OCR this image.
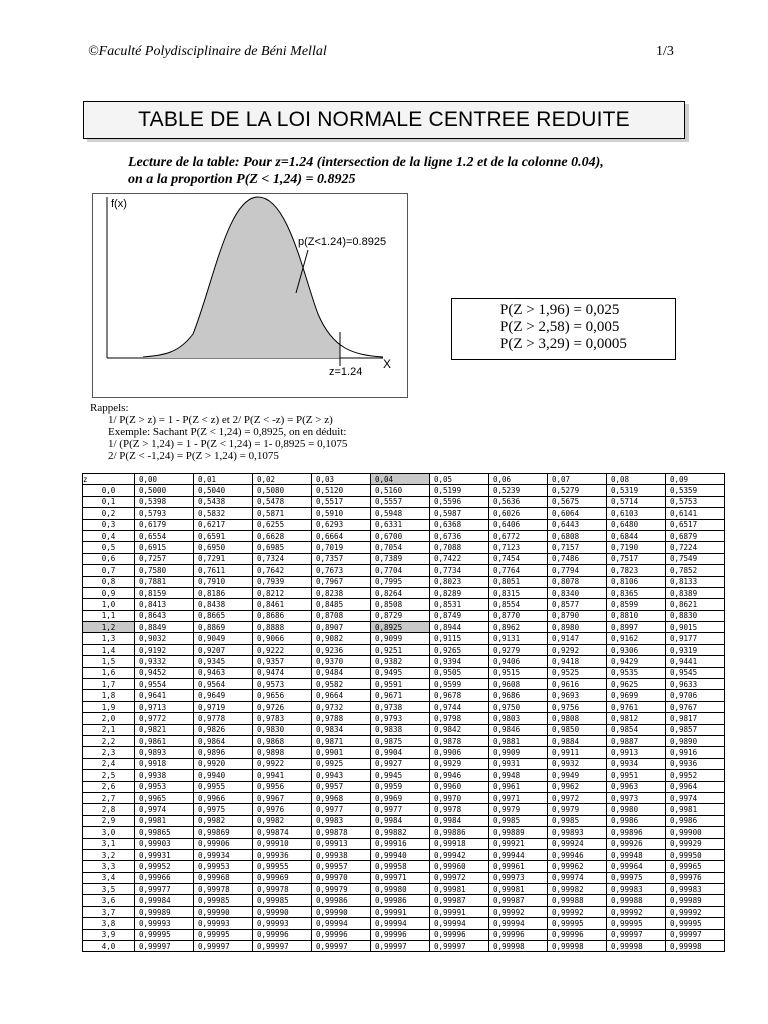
©Faculté Polydisciplinaire de Béni Mellal	1/3
TABLE DE LA LOI NORMALE CENTREE REDUITE
Lecture de la table: Pour z=1.24 (intersection de la ligne 1.2 et de la colonne 0.04),
on a la proportion P(Z < 1,24) = 0.8925
f(x)
X
p(Z<1.24)=0.8925
z=1.24
P(Z > 1,96) = 0,025
P(Z > 2,58) = 0,005
P(Z > 3,29) = 0,0005
Rappels:
1/ P(Z > z) = 1 - P(Z < z) et 2/ P(Z < -z) = P(Z > z)
Exemple: Sachant P(Z < 1,24) = 0,8925, on en déduit:
1/ (P(Z > 1,24) = 1 - P(Z < 1,24) = 1- 0,8925 = 0,1075
2/ P(Z < -1,24) = P(Z > 1,24) = 0,1075
z	0,00	0,01	0,02	0,03	0,04	0,05	0,06	0,07	0,08	0,09
0,0	0,5000	0,5040	0,5080	0,5120	0,5160	0,5199	0,5239	0,5279	0,5319	0,5359
0,1	0,5398	0,5438	0,5478	0,5517	0,5557	0,5596	0,5636	0,5675	0,5714	0,5753
0,2	0,5793	0,5832	0,5871	0,5910	0,5948	0,5987	0,6026	0,6064	0,6103	0,6141
0,3	0,6179	0,6217	0,6255	0,6293	0,6331	0,6368	0,6406	0,6443	0,6480	0,6517
0,4	0,6554	0,6591	0,6628	0,6664	0,6700	0,6736	0,6772	0,6808	0,6844	0,6879
0,5	0,6915	0,6950	0,6985	0,7019	0,7054	0,7088	0,7123	0,7157	0,7190	0,7224
0,6	0,7257	0,7291	0,7324	0,7357	0,7389	0,7422	0,7454	0,7486	0,7517	0,7549
0,7	0,7580	0,7611	0,7642	0,7673	0,7704	0,7734	0,7764	0,7794	0,7823	0,7852
0,8	0,7881	0,7910	0,7939	0,7967	0,7995	0,8023	0,8051	0,8078	0,8106	0,8133
0,9	0,8159	0,8186	0,8212	0,8238	0,8264	0,8289	0,8315	0,8340	0,8365	0,8389
1,0	0,8413	0,8438	0,8461	0,8485	0,8508	0,8531	0,8554	0,8577	0,8599	0,8621
1,1	0,8643	0,8665	0,8686	0,8708	0,8729	0,8749	0,8770	0,8790	0,8810	0,8830
1,2	0,8849	0,8869	0,8888	0,8907	0,8925	0,8944	0,8962	0,8980	0,8997	0,9015
1,3	0,9032	0,9049	0,9066	0,9082	0,9099	0,9115	0,9131	0,9147	0,9162	0,9177
1,4	0,9192	0,9207	0,9222	0,9236	0,9251	0,9265	0,9279	0,9292	0,9306	0,9319
1,5	0,9332	0,9345	0,9357	0,9370	0,9382	0,9394	0,9406	0,9418	0,9429	0,9441
1,6	0,9452	0,9463	0,9474	0,9484	0,9495	0,9505	0,9515	0,9525	0,9535	0,9545
1,7	0,9554	0,9564	0,9573	0,9582	0,9591	0,9599	0,9608	0,9616	0,9625	0,9633
1,8	0,9641	0,9649	0,9656	0,9664	0,9671	0,9678	0,9686	0,9693	0,9699	0,9706
1,9	0,9713	0,9719	0,9726	0,9732	0,9738	0,9744	0,9750	0,9756	0,9761	0,9767
2,0	0,9772	0,9778	0,9783	0,9788	0,9793	0,9798	0,9803	0,9808	0,9812	0,9817
2,1	0,9821	0,9826	0,9830	0,9834	0,9838	0,9842	0,9846	0,9850	0,9854	0,9857
2,2	0,9861	0,9864	0,9868	0,9871	0,9875	0,9878	0,9881	0,9884	0,9887	0,9890
2,3	0,9893	0,9896	0,9898	0,9901	0,9904	0,9906	0,9909	0,9911	0,9913	0,9916
2,4	0,9918	0,9920	0,9922	0,9925	0,9927	0,9929	0,9931	0,9932	0,9934	0,9936
2,5	0,9938	0,9940	0,9941	0,9943	0,9945	0,9946	0,9948	0,9949	0,9951	0,9952
2,6	0,9953	0,9955	0,9956	0,9957	0,9959	0,9960	0,9961	0,9962	0,9963	0,9964
2,7	0,9965	0,9966	0,9967	0,9968	0,9969	0,9970	0,9971	0,9972	0,9973	0,9974
2,8	0,9974	0,9975	0,9976	0,9977	0,9977	0,9978	0,9979	0,9979	0,9980	0,9981
2,9	0,9981	0,9982	0,9982	0,9983	0,9984	0,9984	0,9985	0,9985	0,9986	0,9986
3,0	0,99865	0,99869	0,99874	0,99878	0,99882	0,99886	0,99889	0,99893	0,99896	0,99900
3,1	0,99903	0,99906	0,99910	0,99913	0,99916	0,99918	0,99921	0,99924	0,99926	0,99929
3,2	0,99931	0,99934	0,99936	0,99938	0,99940	0,99942	0,99944	0,99946	0,99948	0,99950
3,3	0,99952	0,99953	0,99955	0,99957	0,99958	0,99960	0,99961	0,99962	0,99964	0,99965
3,4	0,99966	0,99968	0,99969	0,99970	0,99971	0,99972	0,99973	0,99974	0,99975	0,99976
3,5	0,99977	0,99978	0,99978	0,99979	0,99980	0,99981	0,99981	0,99982	0,99983	0,99983
3,6	0,99984	0,99985	0,99985	0,99986	0,99986	0,99987	0,99987	0,99988	0,99988	0,99989
3,7	0,99989	0,99990	0,99990	0,99990	0,99991	0,99991	0,99992	0,99992	0,99992	0,99992
3,8	0,99993	0,99993	0,99993	0,99994	0,99994	0,99994	0,99994	0,99995	0,99995	0,99995
3,9	0,99995	0,99995	0,99996	0,99996	0,99996	0,99996	0,99996	0,99996	0,99997	0,99997
4,0	0,99997	0,99997	0,99997	0,99997	0,99997	0,99997	0,99998	0,99998	0,99998	0,99998
